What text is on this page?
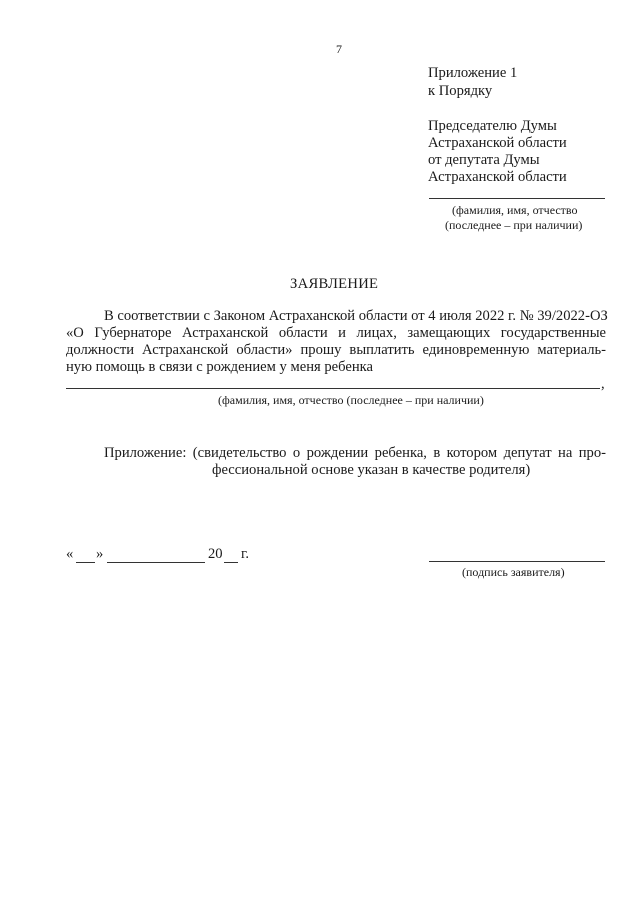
7
Приложение 1
к Порядку
Председателю Думы
Астраханской области
от депутата Думы
Астраханской области
(фамилия, имя, отчество
(последнее – при наличии)
ЗАЯВЛЕНИЕ
В соответствии с Законом Астраханской области от 4 июля 2022 г. № 39/2022-ОЗ
«О Губернаторе Астраханской области и лицах, замещающих государственные
должности Астраханской области» прошу выплатить единовременную материаль-
ную помощь в связи с рождением у меня ребенка
,
(фамилия, имя, отчество (последнее – при наличии)
Приложение: (свидетельство о рождении ребенка, в котором депутат на про-
фессиональной основе указан в качестве родителя)
« »	20 г.
(подпись заявителя)
